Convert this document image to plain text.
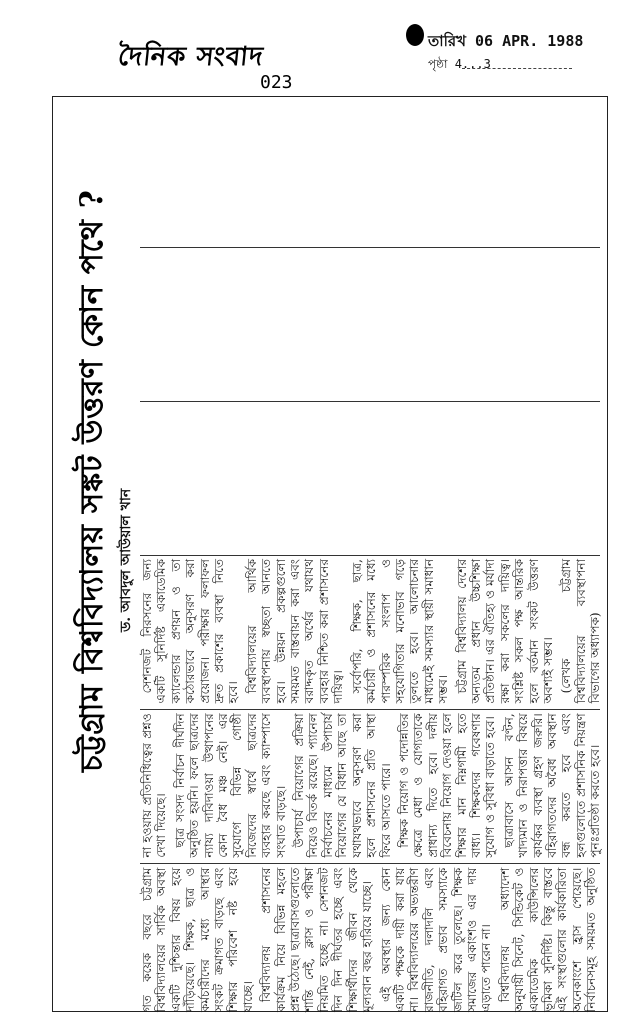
দৈনিক সংবাদ
তারিখ 06 APR. 1988
পৃষ্ঠা 4...3
023
চট্টগ্রাম বিশ্ববিদ্যালয় সঙ্কট উত্তরণ কোন পথে ? ড. আবদুল আউয়াল খান

গত কয়েক বছরে চট্টগ্রাম বিশ্ববিদ্যালয়ের সার্বিক অবস্থা একটি দুশ্চিন্তার বিষয় হয়ে দাঁড়িয়েছে। শিক্ষক, ছাত্র ও কর্মচারীদের মধ্যে আস্থার সংকট ক্রমাগত বাড়ছে এবং শিক্ষার পরিবেশ নষ্ট হয়ে যাচ্ছে। বিশ্ববিদ্যালয় প্রশাসনের কার্যক্রম নিয়ে বিভিন্ন মহলে প্রশ্ন উঠেছে। ছাত্রাবাসগুলোতে শান্তি নেই, ক্লাস ও পরীক্ষা নিয়মিত হচ্ছে না। সেশনজট দিন দিন দীর্ঘতর হচ্ছে এবং শিক্ষার্থীদের জীবন থেকে মূল্যবান বছর হারিয়ে যাচ্ছে। এই অবস্থার জন্য কোন একটি পক্ষকে দায়ী করা যায় না। বিশ্ববিদ্যালয়ের অভ্যন্তরীণ রাজনীতি, দলাদলি এবং বহিরাগত প্রভাব সমস্যাকে জটিল করে তুলেছে। শিক্ষক সমাজের একাংশও এর দায় এড়াতে পারেন না। বিশ্ববিদ্যালয় অধ্যাদেশ অনুযায়ী সিনেট, সিন্ডিকেট ও একাডেমিক কাউন্সিলের ভূমিকা সুনির্দিষ্ট। কিন্তু বাস্তবে এই সংস্থাগুলোর কার্যকারিতা অনেকাংশে হ্রাস পেয়েছে। নির্বাচনসমূহ সময়মত অনুষ্ঠিত না হওয়ায় প্রতিনিধিত্বের প্রশ্নও দেখা দিয়েছে। ছাত্র সংসদ নির্বাচন দীর্ঘদিন অনুষ্ঠিত হয়নি। ফলে ছাত্রদের ন্যায্য দাবিদাওয়া উত্থাপনের কোন বৈধ মঞ্চ নেই। এর সুযোগে বিভিন্ন গোষ্ঠী নিজেদের স্বার্থে ছাত্রদের ব্যবহার করছে এবং ক্যাম্পাসে সংঘাত বাড়ছে। উপাচার্য নিয়োগের প্রক্রিয়া নিয়েও বিতর্ক রয়েছে। প্যানেল নির্বাচনের মাধ্যমে উপাচার্য নিয়োগের যে বিধান আছে তা যথাযথভাবে অনুসরণ করা হলে প্রশাসনের প্রতি আস্থা ফিরে আসতে পারে। শিক্ষক নিয়োগ ও পদোন্নতির ক্ষেত্রে মেধা ও যোগ্যতাকে প্রাধান্য দিতে হবে। দলীয় বিবেচনায় নিয়োগ দেওয়া হলে শিক্ষার মান নিম্নগামী হতে বাধ্য। শিক্ষকদের গবেষণার সুযোগ ও সুবিধা বাড়াতে হবে। ছাত্রাবাসে আসন বণ্টন, খাদ্যমান ও নিরাপত্তার বিষয়ে কার্যকর ব্যবস্থা গ্রহণ জরুরি। বহিরাগতদের অবৈধ অবস্থান বন্ধ করতে হবে এবং হলগুলোতে প্রশাসনিক নিয়ন্ত্রণ পুনঃপ্রতিষ্ঠা করতে হবে।

সেশনজট নিরসনের জন্য একটি সুনির্দিষ্ট একাডেমিক ক্যালেন্ডার প্রণয়ন ও তা কঠোরভাবে অনুসরণ করা প্রয়োজন। পরীক্ষার ফলাফল দ্রুত প্রকাশের ব্যবস্থা নিতে হবে। বিশ্ববিদ্যালয়ের আর্থিক ব্যবস্থাপনায় স্বচ্ছতা আনতে হবে। উন্নয়ন প্রকল্পগুলো সময়মত বাস্তবায়ন করা এবং বরাদ্দকৃত অর্থের যথাযথ ব্যবহার নিশ্চিত করা প্রশাসনের দায়িত্ব। সর্বোপরি, শিক্ষক, ছাত্র, কর্মচারী ও প্রশাসনের মধ্যে পারস্পরিক সংলাপ ও সহযোগিতার মনোভাব গড়ে তুলতে হবে। আলোচনার মাধ্যমেই সমস্যার স্থায়ী সমাধান সম্ভব। চট্টগ্রাম বিশ্ববিদ্যালয় দেশের অন্যতম প্রধান উচ্চশিক্ষা প্রতিষ্ঠান। এর ঐতিহ্য ও মর্যাদা রক্ষা করা সকলের দায়িত্ব। সংশ্লিষ্ট সকল পক্ষ আন্তরিক হলে বর্তমান সংকট উত্তরণ অবশ্যই সম্ভব। (লেখক চট্টগ্রাম বিশ্ববিদ্যালয়ের ব্যবস্থাপনা বিভাগের অধ্যাপক)
